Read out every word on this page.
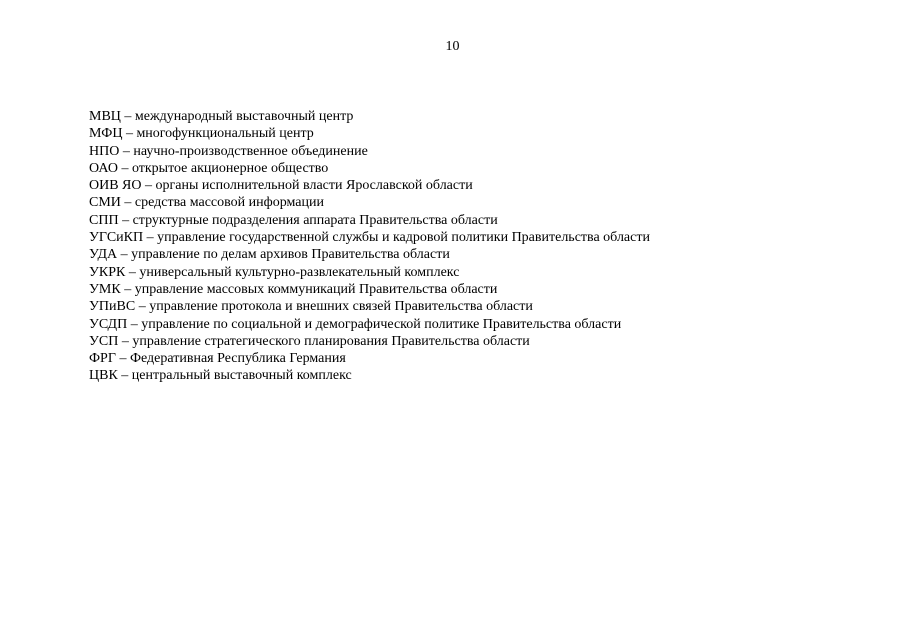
10
МВЦ – международный выставочный центр
МФЦ – многофункциональный центр
НПО – научно-производственное объединение
ОАО – открытое акционерное общество
ОИВ ЯО – органы исполнительной власти Ярославской области
СМИ – средства массовой информации
СПП – структурные подразделения аппарата Правительства области
УГСиКП – управление государственной службы и кадровой политики Правительства области
УДА – управление по делам архивов Правительства области
УКРК – универсальный культурно-развлекательный комплекс
УМК – управление массовых коммуникаций Правительства области
УПиВС – управление протокола и внешних связей Правительства области
УСДП – управление по социальной и демографической политике Правительства области
УСП – управление стратегического планирования Правительства области
ФРГ – Федеративная Республика Германия
ЦВК – центральный выставочный комплекс
